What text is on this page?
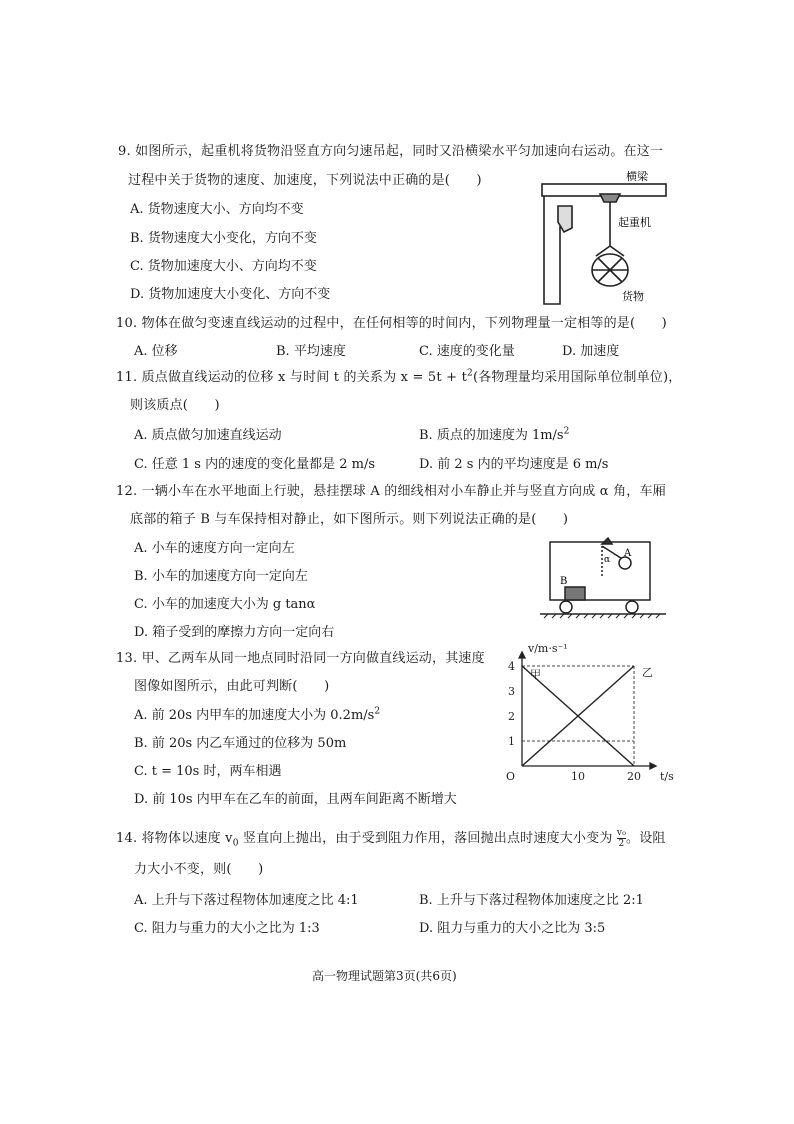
9. 如图所示，起重机将货物沿竖直方向匀速吊起，同时又沿横梁水平匀加速向右运动。在这一
过程中关于货物的速度、加速度，下列说法中正确的是(　　)
A. 货物速度大小、方向均不变
B. 货物速度大小变化，方向不变
C. 货物加速度大小、方向均不变
D. 货物加速度大小变化、方向不变
横梁
起重机
货物
10. 物体在做匀变速直线运动的过程中，在任何相等的时间内，下列物理量一定相等的是(　　)
A. 位移	B. 平均速度	C. 速度的变化量	D. 加速度
11. 质点做直线运动的位移 x 与时间 t 的关系为 $x = 5t + t^2$(各物理量均采用国际单位制单位)，
则该质点(　　)
A. 质点做匀加速直线运动	B. 质点的加速度为 $1m/s^2$
C. 任意 1 s 内的速度的变化量都是 2 m/s	D. 前 2 s 内的平均速度是 6 m/s
12. 一辆小车在水平地面上行驶，悬挂摆球 A 的细线相对小车静止并与竖直方向成 α 角，车厢
底部的箱子 B 与车保持相对静止，如下图所示。则下列说法正确的是(　　)
A. 小车的速度方向一定向左
B. 小车的加速度方向一定向左
C. 小车的加速度大小为 g tanα
D. 箱子受到的摩擦力方向一定向右
A
B
α
13. 甲、乙两车从同一地点同时沿同一方向做直线运动，其速度
图像如图所示，由此可判断(　　)
A. 前 20s 内甲车的加速度大小为 $0.2m/s^2$
B. 前 20s 内乙车通过的位移为 50m
C. t = 10s 时，两车相遇
D. 前 10s 内甲车在乙车的前面，且两车间距离不断增大
甲	乙
v/m·s⁻¹
t/s
O
1
2
3
4
10	20
14. 将物体以速度 $v_0$ 竖直向上抛出，由于受到阻力作用，落回抛出点时速度大小变为 $\frac{\text{v₀}}{2}$ 。设阻
力大小不变，则(　　)
A. 上升与下落过程物体加速度之比 4:1	B. 上升与下落过程物体加速度之比 2:1
C. 阻力与重力的大小之比为 1:3	D. 阻力与重力的大小之比为 3:5
高一物理试题第3页(共6页)
